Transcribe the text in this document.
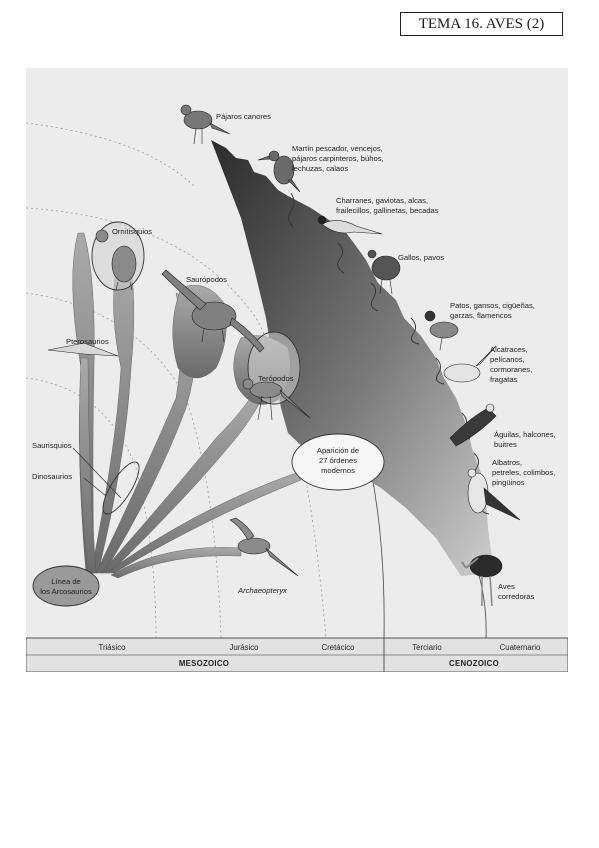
TEMA 16. AVES (2)
Pájaros canores
Martín pescador, vencejos,
pájaros carpinteros, búhos,
lechuzas, calaos
Charranes, gaviotas, alcas,
frailecillos, gallinetas, becadas
Gallos, pavos
Patos, gansos, cigüeñas,
garzas, flamencos
Alcatraces,
pelícanos,
cormoranes,
fragatas
Águilas, halcones,
buitres
Albatros,
petreles, colimbos,
pingüinos
Aves
corredoras
Ornitisquios
Saurópodos
Pterosaurios
Terópodos
Saurisquios
Dinosaurios
Aparición de
27 órdenes
modernos
Línea de
los Arcosaurios	Archaeopteryx
Triásico	Jurásico	Cretácico	Terciario	Cuaternario
MESOZOICO	CENOZOICO
